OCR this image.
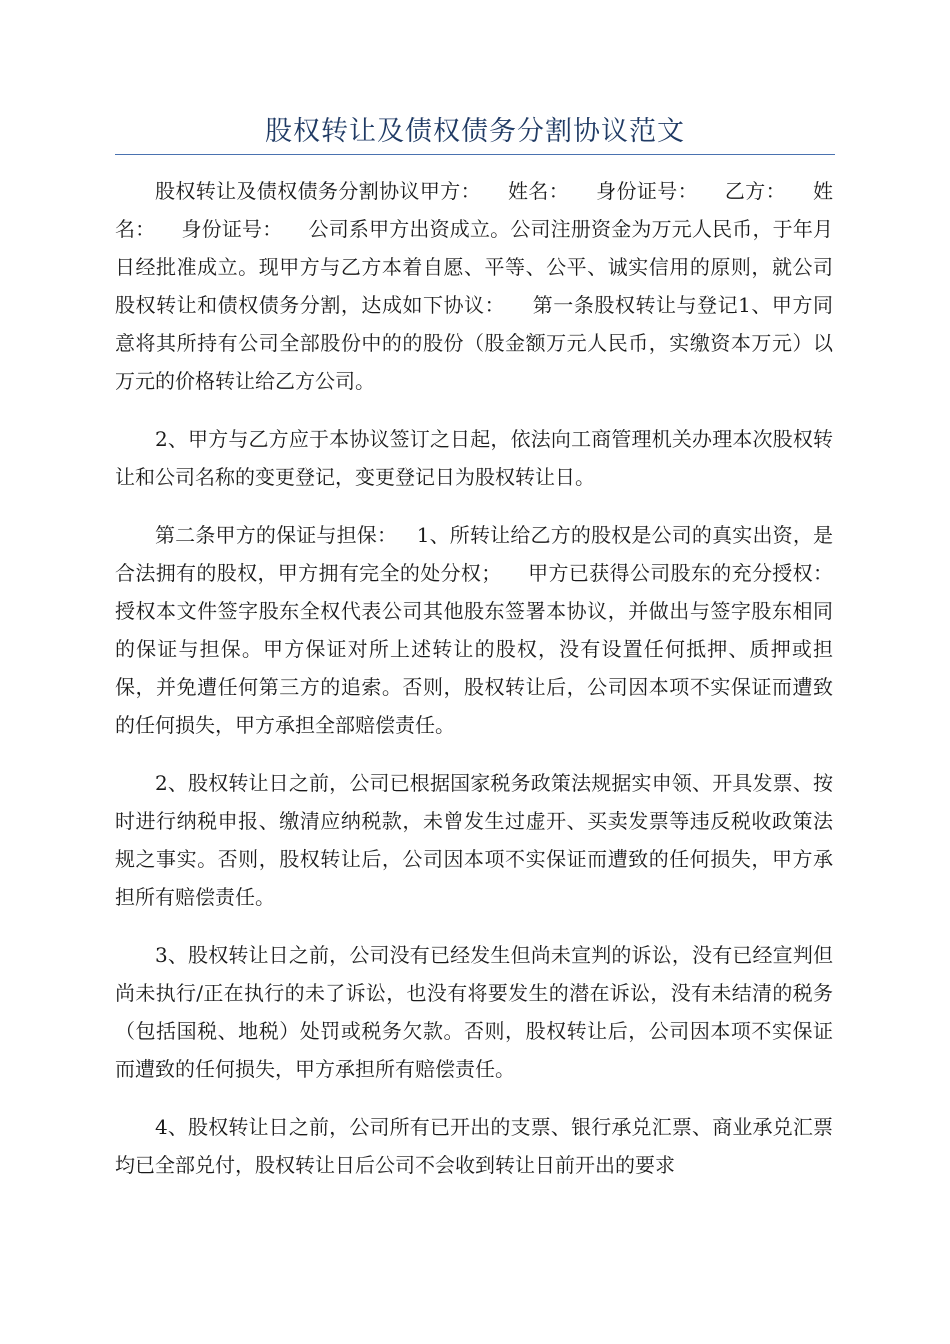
股权转让及债权债务分割协议范文

股权转让及债权债务分割协议甲方：    姓名：    身份证号：    乙方：    姓名：    身份证号：    公司系甲方出资成立。公司注册资金为万元人民币，于年月日经批准成立。现甲方与乙方本着自愿、平等、公平、诚实信用的原则，就公司股权转让和债权债务分割，达成如下协议：    第一条股权转让与登记1、甲方同意将其所持有公司全部股份中的的股份（股金额万元人民币，实缴资本万元）以万元的价格转让给乙方公司。

2、甲方与乙方应于本协议签订之日起，依法向工商管理机关办理本次股权转让和公司名称的变更登记，变更登记日为股权转让日。

第二条甲方的保证与担保：   1、所转让给乙方的股权是公司的真实出资，是合法拥有的股权，甲方拥有完全的处分权；    甲方已获得公司股东的充分授权：授权本文件签字股东全权代表公司其他股东签署本协议，并做出与签字股东相同的保证与担保。甲方保证对所上述转让的股权，没有设置任何抵押、质押或担保，并免遭任何第三方的追索。否则，股权转让后，公司因本项不实保证而遭致的任何损失，甲方承担全部赔偿责任。

2、股权转让日之前，公司已根据国家税务政策法规据实申领、开具发票、按时进行纳税申报、缴清应纳税款，未曾发生过虚开、买卖发票等违反税收政策法规之事实。否则，股权转让后，公司因本项不实保证而遭致的任何损失，甲方承担所有赔偿责任。

3、股权转让日之前，公司没有已经发生但尚未宣判的诉讼，没有已经宣判但尚未执行/正在执行的未了诉讼，也没有将要发生的潜在诉讼，没有未结清的税务（包括国税、地税）处罚或税务欠款。否则，股权转让后，公司因本项不实保证而遭致的任何损失，甲方承担所有赔偿责任。

4、股权转让日之前，公司所有已开出的支票、银行承兑汇票、商业承兑汇票均已全部兑付，股权转让日后公司不会收到转让日前开出的要求
